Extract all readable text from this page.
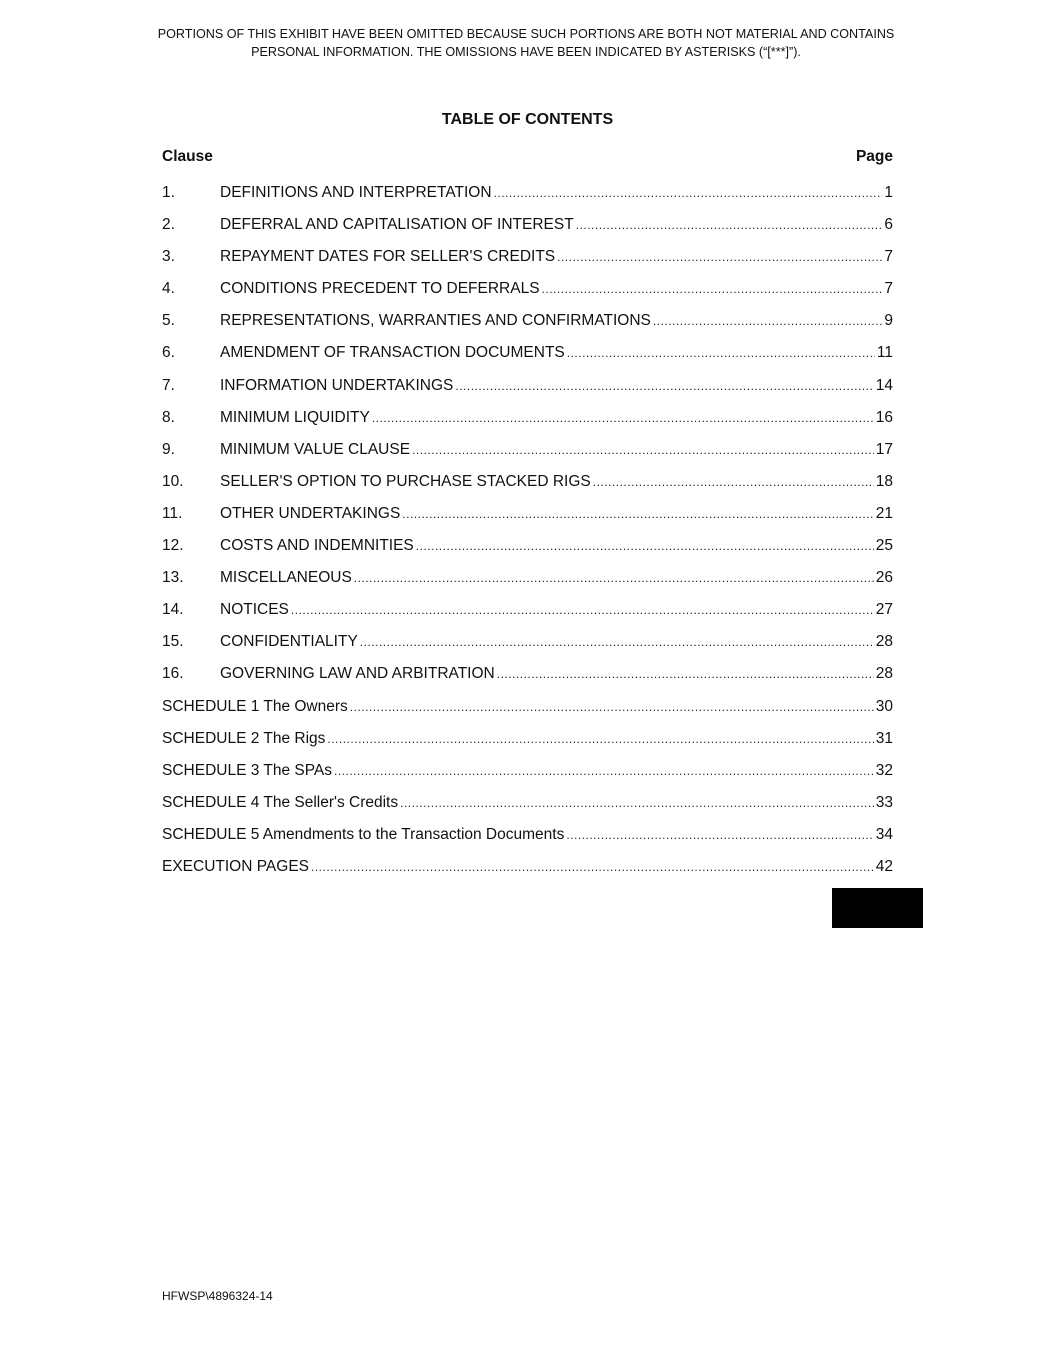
PORTIONS OF THIS EXHIBIT HAVE BEEN OMITTED BECAUSE SUCH PORTIONS ARE BOTH NOT MATERIAL AND CONTAINS PERSONAL INFORMATION. THE OMISSIONS HAVE BEEN INDICATED BY ASTERISKS (“[***]”).
TABLE OF CONTENTS
Clause	Page
1.	DEFINITIONS AND INTERPRETATION .....	1
2.	DEFERRAL AND CAPITALISATION OF INTEREST .....	6
3.	REPAYMENT DATES FOR SELLER'S CREDITS .....	7
4.	CONDITIONS PRECEDENT TO DEFERRALS .....	7
5.	REPRESENTATIONS, WARRANTIES AND CONFIRMATIONS .....	9
6.	AMENDMENT OF TRANSACTION DOCUMENTS .....	11
7.	INFORMATION UNDERTAKINGS .....	14
8.	MINIMUM LIQUIDITY .....	16
9.	MINIMUM VALUE CLAUSE .....	17
10.	SELLER'S OPTION TO PURCHASE STACKED RIGS .....	18
11.	OTHER UNDERTAKINGS .....	21
12.	COSTS AND INDEMNITIES .....	25
13.	MISCELLANEOUS .....	26
14.	NOTICES .....	27
15.	CONFIDENTIALITY .....	28
16.	GOVERNING LAW AND ARBITRATION .....	28
SCHEDULE 1 The Owners .....	30
SCHEDULE 2 The Rigs .....	31
SCHEDULE 3 The SPAs .....	32
SCHEDULE 4 The Seller's Credits .....	33
SCHEDULE 5 Amendments to the Transaction Documents .....	34
EXECUTION PAGES .....	42
HFWSP\4896324-14
